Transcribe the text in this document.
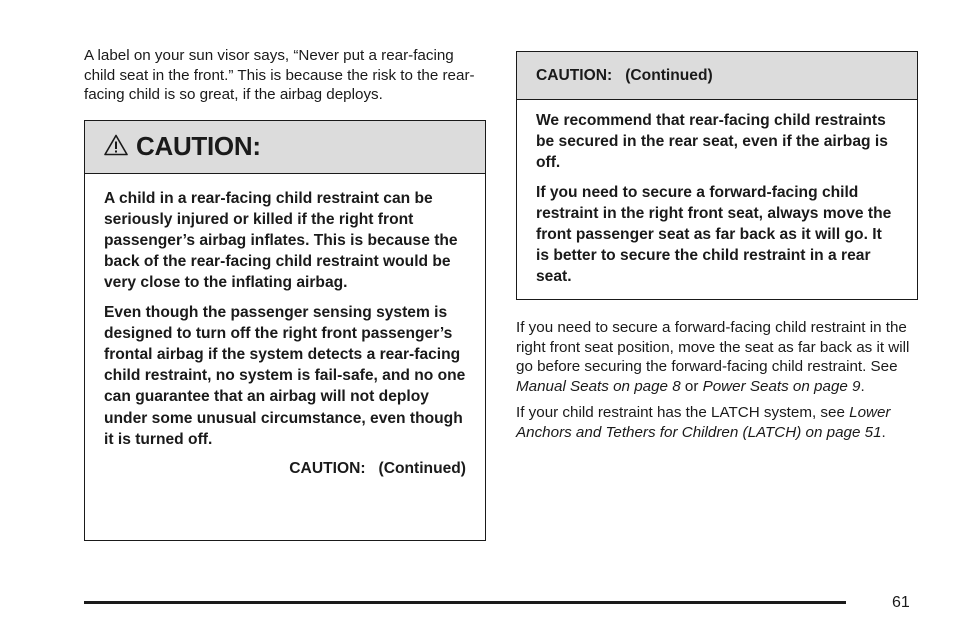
A label on your sun visor says, “Never put a rear-facing child seat in the front.” This is because the risk to the rear-facing child is so great, if the airbag deploys.

CAUTION:

A child in a rear-facing child restraint can be seriously injured or killed if the right front passenger’s airbag inflates. This is because the back of the rear-facing child restraint would be very close to the inflating airbag.

Even though the passenger sensing system is designed to turn off the right front passenger’s frontal airbag if the system detects a rear-facing child restraint, no system is fail-safe, and no one can guarantee that an airbag will not deploy under some unusual circumstance, even though it is turned off.

CAUTION:   (Continued)
CAUTION:   (Continued)

We recommend that rear-facing child restraints be secured in the rear seat, even if the airbag is off.

If you need to secure a forward-facing child restraint in the right front seat, always move the front passenger seat as far back as it will go. It is better to secure the child restraint in a rear seat.

If you need to secure a forward-facing child restraint in the right front seat position, move the seat as far back as it will go before securing the forward-facing child restraint. See Manual Seats on page 8 or Power Seats on page 9.

If your child restraint has the LATCH system, see Lower Anchors and Tethers for Children (LATCH) on page 51.

61
